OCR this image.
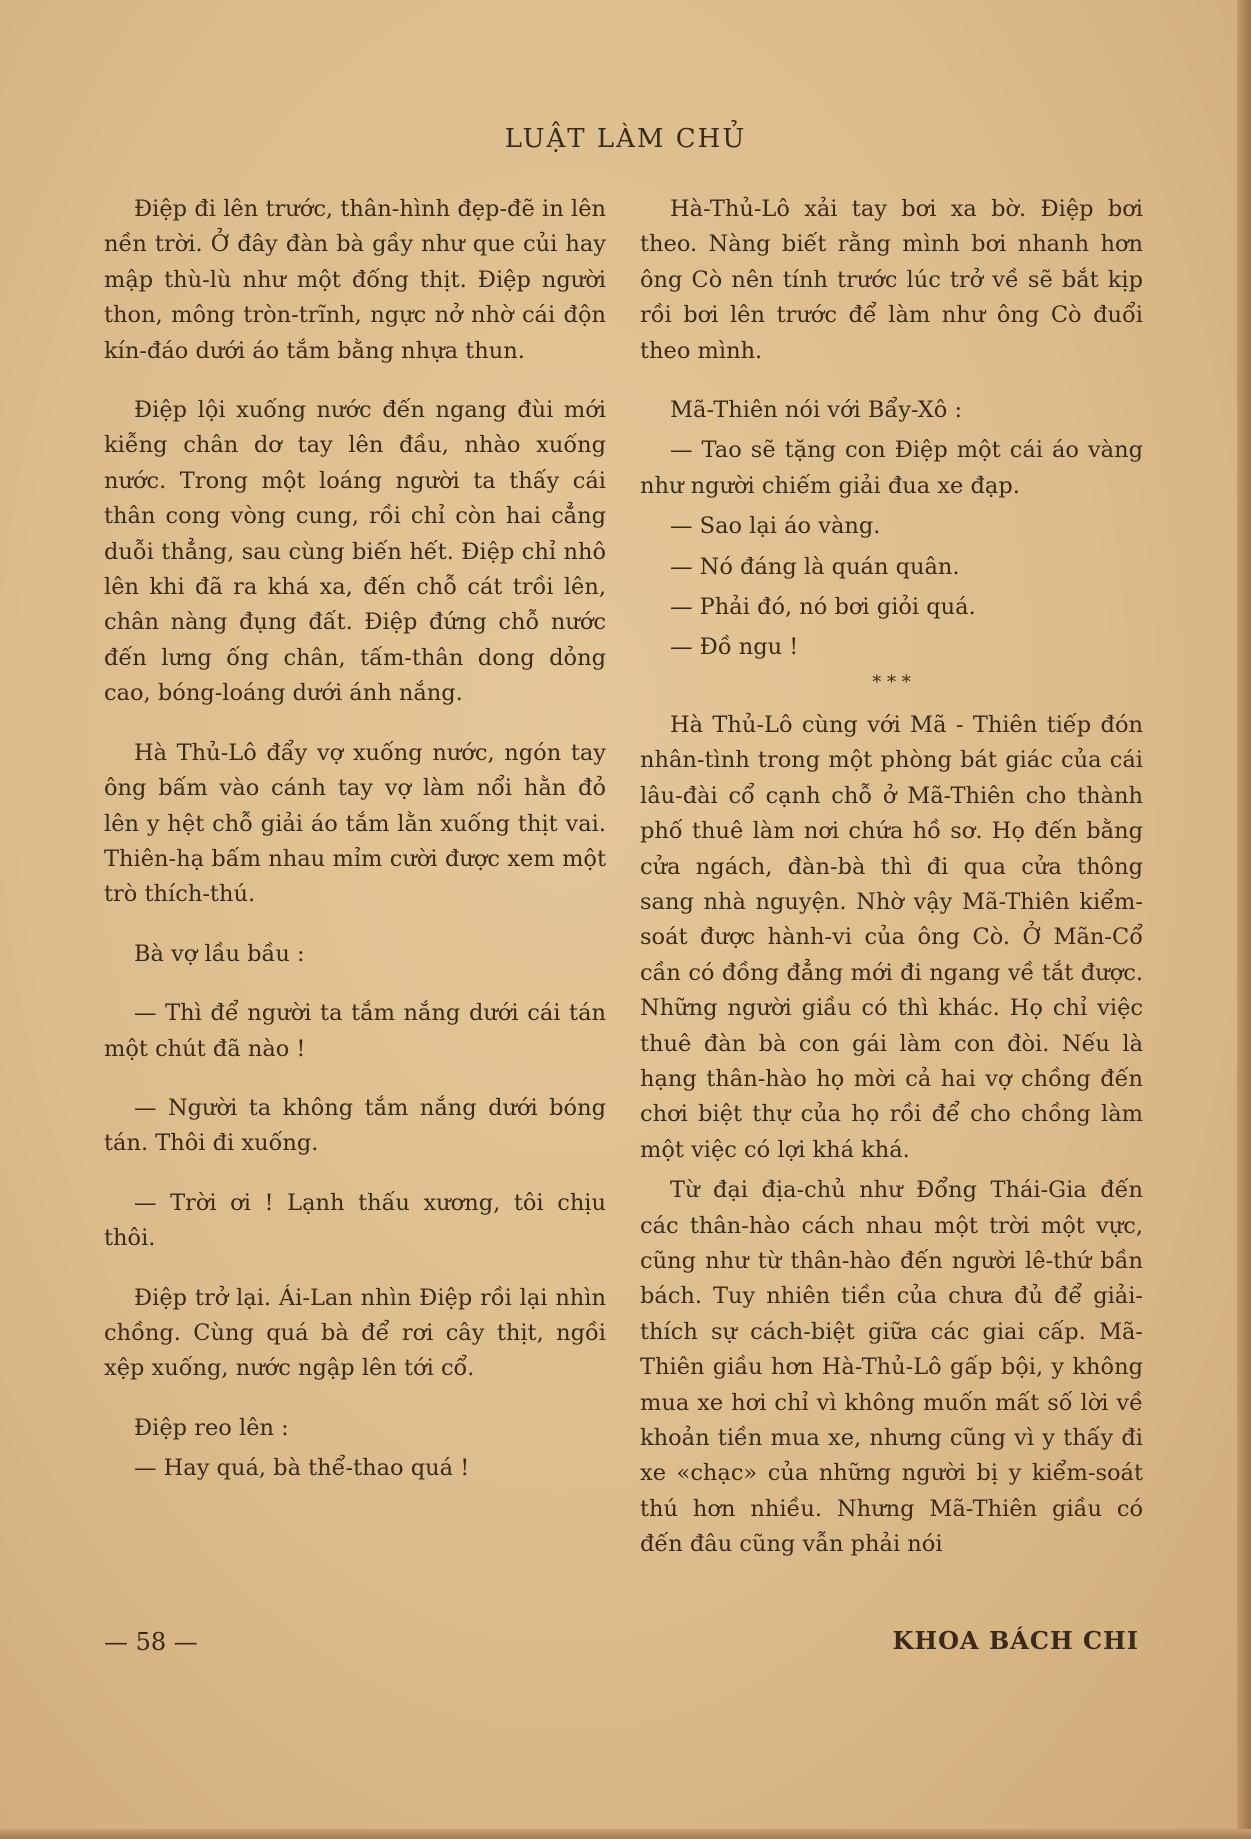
LUẬT LÀM CHỦ

Điệp đi lên trước, thân-hình đẹp-đẽ in lên nền trời. Ở đây đàn bà gầy như que củi hay mập thù-lù như một đống thịt. Điệp người thon, mông tròn-trĩnh, ngực nở nhờ cái độn kín-đáo dưới áo tắm bằng nhựa thun.

Điệp lội xuống nước đến ngang đùi mới kiễng chân dơ tay lên đầu, nhào xuống nước. Trong một loáng người ta thấy cái thân cong vòng cung, rồi chỉ còn hai cẳng duỗi thẳng, sau cùng biến hết. Điệp chỉ nhô lên khi đã ra khá xa, đến chỗ cát trồi lên, chân nàng đụng đất. Điệp đứng chỗ nước đến lưng ống chân, tấm-thân dong dỏng cao, bóng-loáng dưới ánh nắng.

Hà Thủ-Lô đẩy vợ xuống nước, ngón tay ông bấm vào cánh tay vợ làm nổi hằn đỏ lên y hệt chỗ giải áo tắm lằn xuống thịt vai. Thiên-hạ bấm nhau mỉm cười được xem một trò thích-thú.

Bà vợ lầu bầu :

— Thì để người ta tắm nắng dưới cái tán một chút đã nào !

— Người ta không tắm nắng dưới bóng tán. Thôi đi xuống.

— Trời ơi ! Lạnh thấu xương, tôi chịu thôi.

Điệp trở lại. Ái-Lan nhìn Điệp rồi lại nhìn chồng. Cùng quá bà để rơi cây thịt, ngồi xệp xuống, nước ngập lên tới cổ.

Điệp reo lên :

— Hay quá, bà thể-thao quá !

Hà-Thủ-Lô xải tay bơi xa bờ. Điệp bơi theo. Nàng biết rằng mình bơi nhanh hơn ông Cò nên tính trước lúc trở về sẽ bắt kịp rồi bơi lên trước để làm như ông Cò đuổi theo mình.

Mã-Thiên nói với Bẩy-Xô :

— Tao sẽ tặng con Điệp một cái áo vàng như người chiếm giải đua xe đạp.

— Sao lại áo vàng.

— Nó đáng là quán quân.

— Phải đó, nó bơi giỏi quá.

— Đồ ngu !

* * *

Hà Thủ-Lô cùng với Mã - Thiên tiếp đón nhân-tình trong một phòng bát giác của cái lâu-đài cổ cạnh chỗ ở Mã-Thiên cho thành phố thuê làm nơi chứa hồ sơ. Họ đến bằng cửa ngách, đàn-bà thì đi qua cửa thông sang nhà nguyện. Nhờ vậy Mã-Thiên kiểm-soát được hành-vi của ông Cò. Ở Mãn-Cổ cần có đồng đẳng mới đi ngang về tắt được. Những người giầu có thì khác. Họ chỉ việc thuê đàn bà con gái làm con đòi. Nếu là hạng thân-hào họ mời cả hai vợ chồng đến chơi biệt thự của họ rồi để cho chồng làm một việc có lợi khá khá.

Từ đại địa-chủ như Đổng Thái-Gia đến các thân-hào cách nhau một trời một vực, cũng như từ thân-hào đến người lê-thứ bần bách. Tuy nhiên tiền của chưa đủ để giải-thích sự cách-biệt giữa các giai cấp. Mã-Thiên giầu hơn Hà-Thủ-Lô gấp bội, y không mua xe hơi chỉ vì không muốn mất số lời về khoản tiền mua xe, nhưng cũng vì y thấy đi xe «chạc» của những người bị y kiểm-soát thú hơn nhiều. Nhưng Mã-Thiên giầu có đến đâu cũng vẫn phải nói

— 58 —	KHOA BÁCH CHI
